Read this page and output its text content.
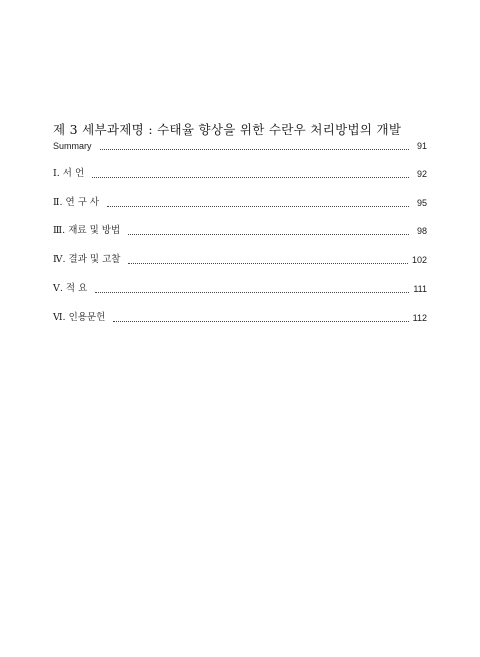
제 3 세부과제명 : 수태율 향상을 위한 수란우 처리방법의 개발
Summary	91
Ⅰ. 서 언	92
Ⅱ. 연 구 사	95
Ⅲ. 재료 및 방법	98
Ⅳ. 결과 및 고찰	102
Ⅴ. 적 요	111
Ⅵ. 인용문헌	112
